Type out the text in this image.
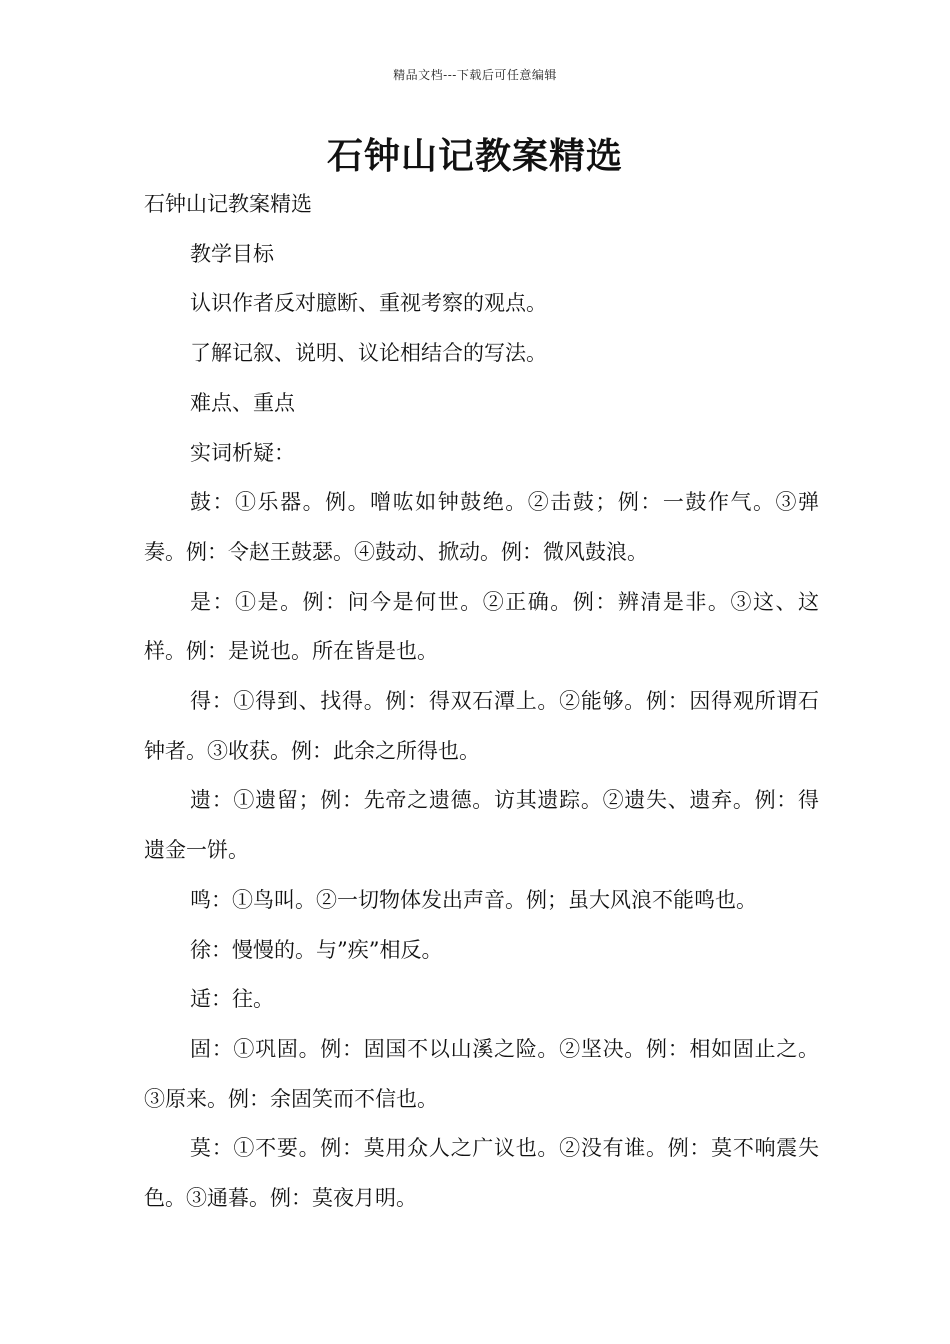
精品文档---下载后可任意编辑
石钟山记教案精选

石钟山记教案精选

教学目标

认识作者反对臆断、重视考察的观点。

了解记叙、说明、议论相结合的写法。

难点、重点

实词析疑：

鼓：①乐器。例。噌吰如钟鼓绝。②击鼓；例：一鼓作气。③弹奏。例：令赵王鼓瑟。④鼓动、掀动。例：微风鼓浪。

是：①是。例：问今是何世。②正确。例：辨清是非。③这、这样。例：是说也。所在皆是也。

得：①得到、找得。例：得双石潭上。②能够。例：因得观所谓石钟者。③收获。例：此余之所得也。

遗：①遗留；例：先帝之遗德。访其遗踪。②遗失、遗弃。例：得遗金一饼。

鸣：①鸟叫。②一切物体发出声音。例；虽大风浪不能鸣也。

徐：慢慢的。与”疾”相反。

适：往。

固：①巩固。例：固国不以山溪之险。②坚决。例：相如固止之。③原来。例：余固笑而不信也。

莫：①不要。例：莫用众人之广议也。②没有谁。例：莫不响震失色。③通暮。例：莫夜月明。
